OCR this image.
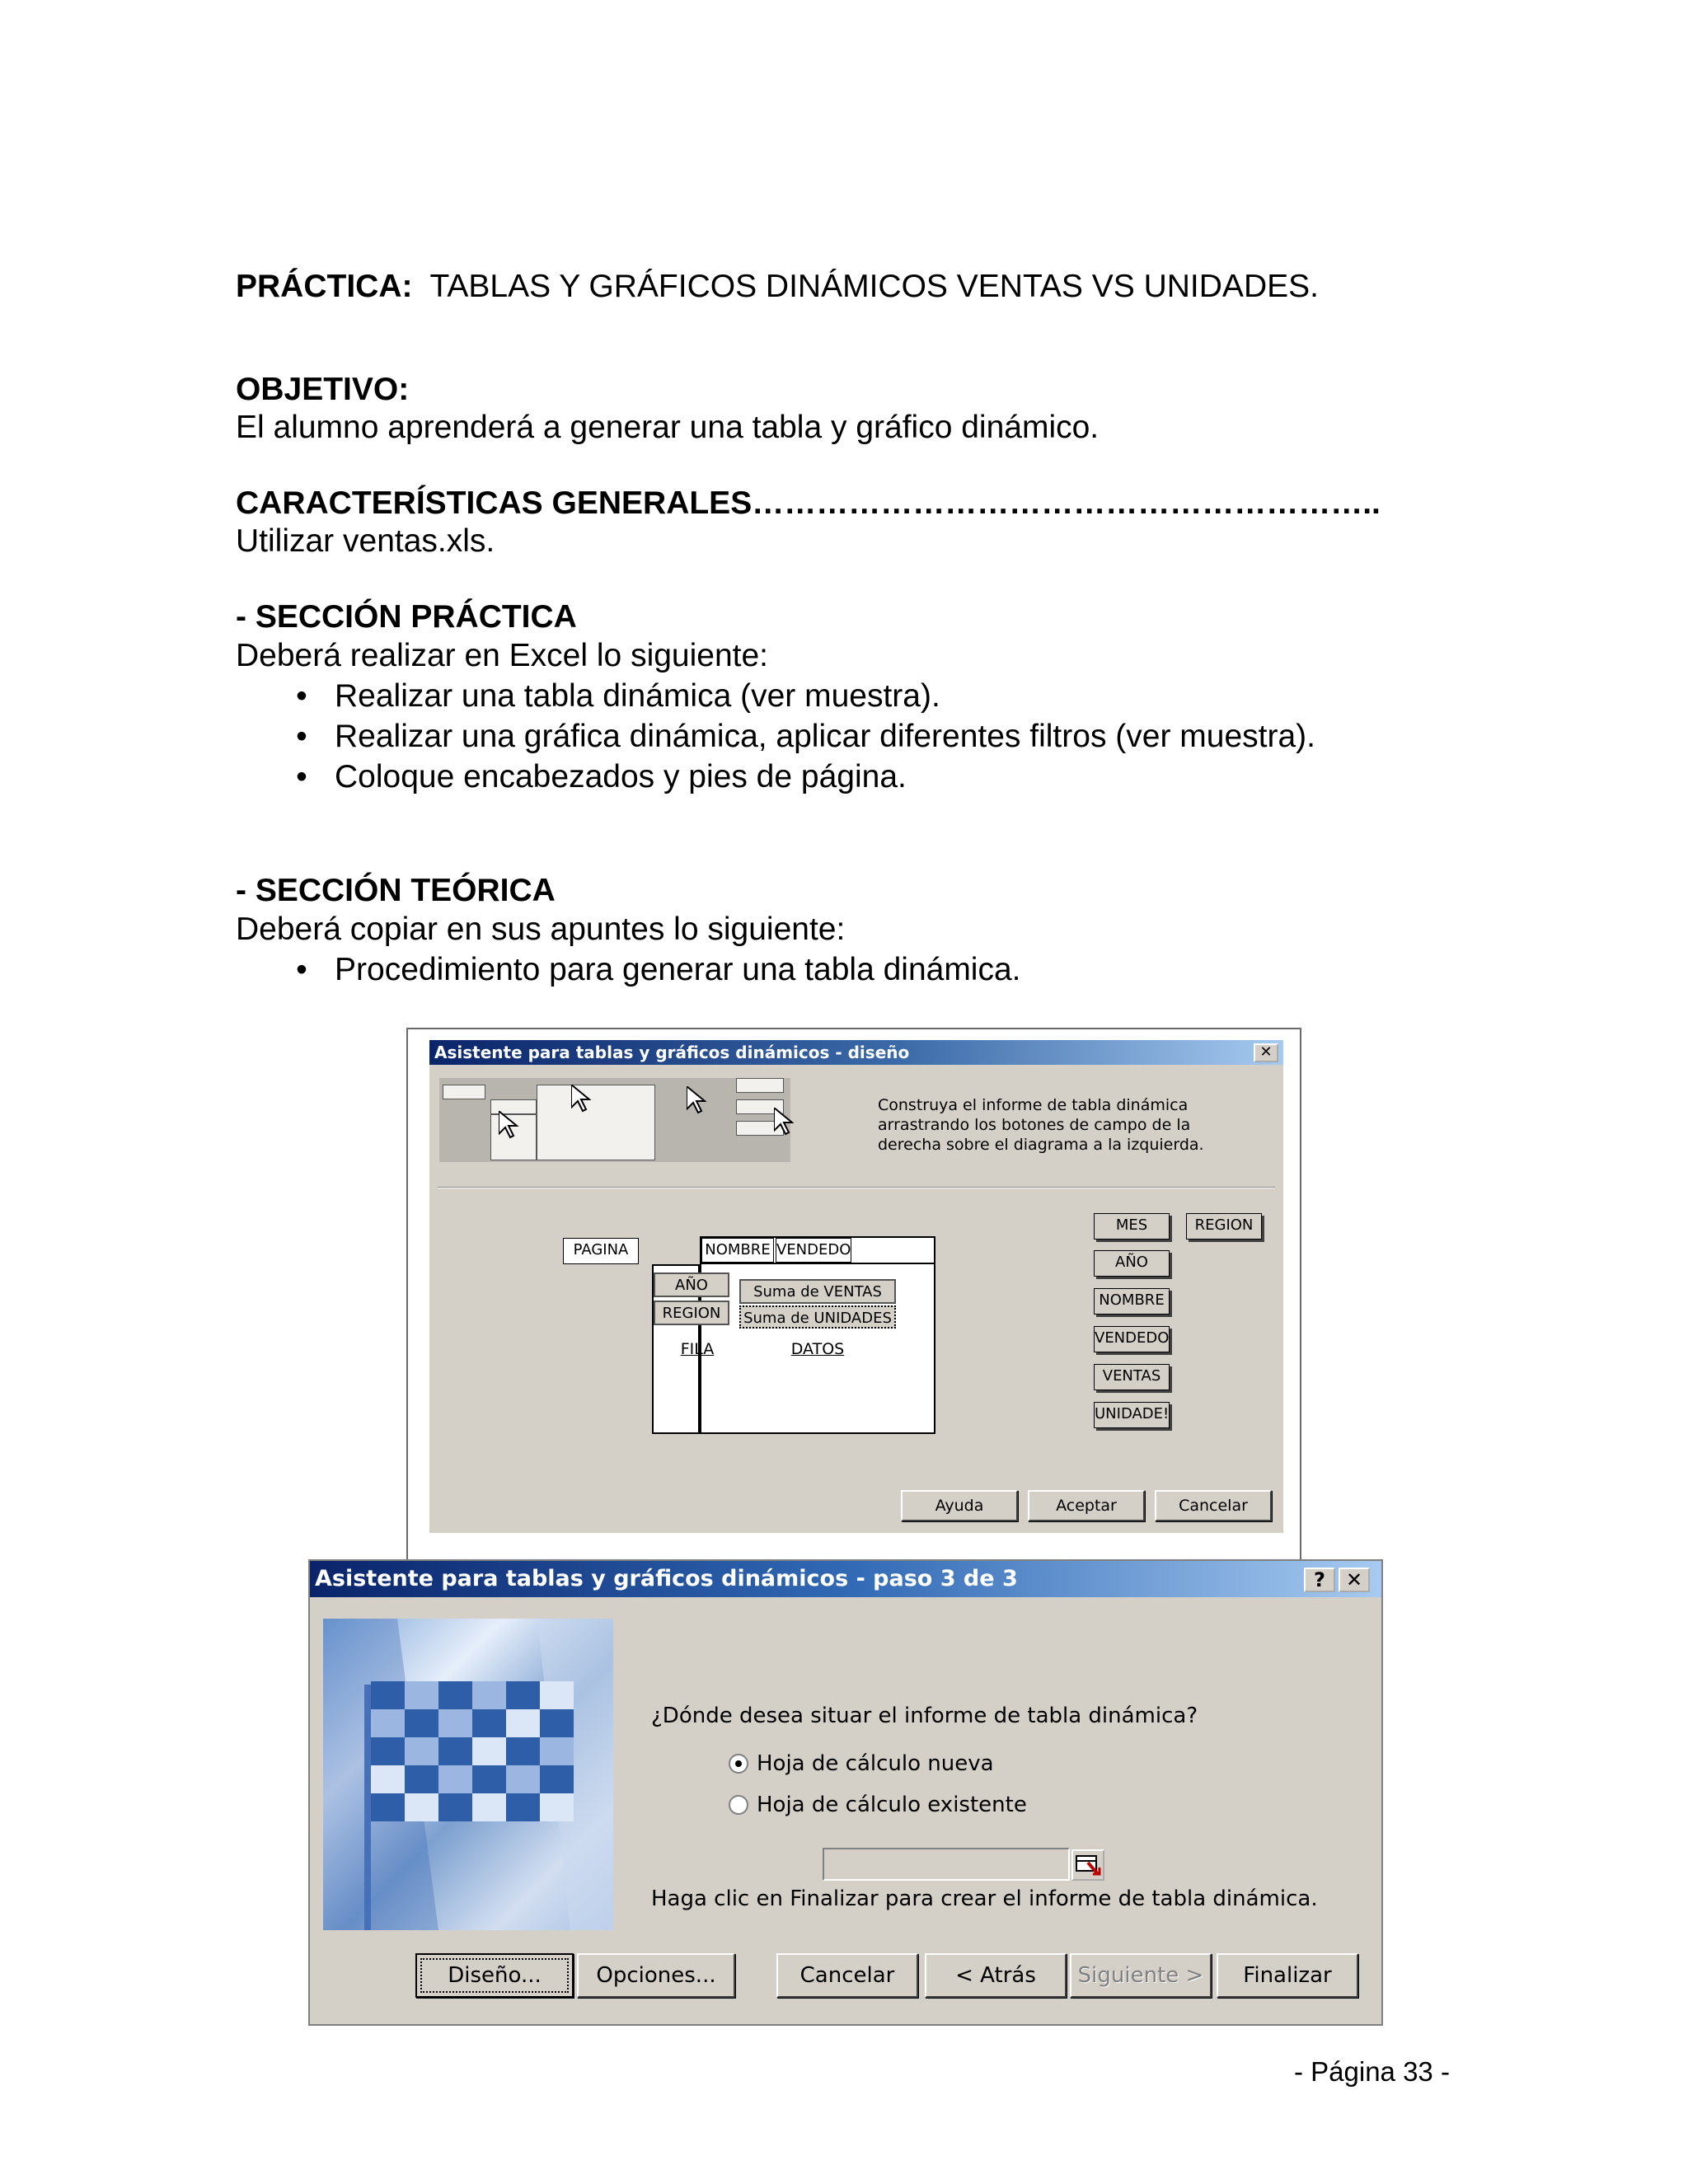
PRÁCTICA: TABLAS Y GRÁFICOS DINÁMICOS VENTAS VS UNIDADES.
OBJETIVO:
El alumno aprenderá a generar una tabla y gráfico dinámico.
CARACTERÍSTICAS GENERALES…………………………………………………..
Utilizar ventas.xls.
- SECCIÓN PRÁCTICA
Deberá realizar en Excel lo siguiente:
• Realizar una tabla dinámica (ver muestra).
• Realizar una gráfica dinámica, aplicar diferentes filtros (ver muestra).
• Coloque encabezados y pies de página.
- SECCIÓN TEÓRICA
Deberá copiar en sus apuntes lo siguiente:
• Procedimiento para generar una tabla dinámica.
Asistente para tablas y gráficos dinámicos - diseño	✕
Construya el informe de tabla dinámica arrastrando los botones de campo de la derecha sobre el diagrama a la izquierda.
PAGINA	NOMBRE VENDEDO
AÑO
REGION
Suma de VENTAS
Suma de UNIDADES
FILA	DATOS
MES	REGION
AÑO
NOMBRE
VENDEDO
VENTAS
UNIDADE!
Ayuda	Aceptar	Cancelar
Asistente para tablas y gráficos dinámicos - paso 3 de 3	?	✕
¿Dónde desea situar el informe de tabla dinámica?
Hoja de cálculo nueva
Hoja de cálculo existente
Haga clic en Finalizar para crear el informe de tabla dinámica.
Diseño...	Opciones...	Cancelar	< Atrás	Siguiente >	Finalizar
- Página 33 -
